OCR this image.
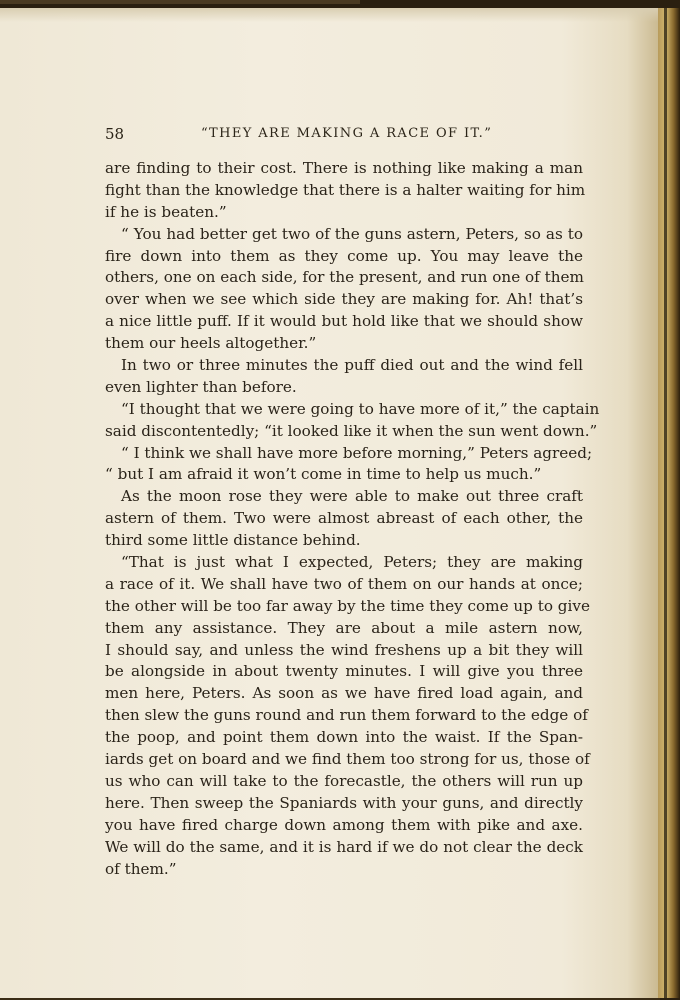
58	“THEY ARE MAKING A RACE OF IT.”
are finding to their cost. There is nothing like making a man
fight than the knowledge that there is a halter waiting for him
if he is beaten.”
“ You had better get two of the guns astern, Peters, so as to
fire down into them as they come up. You may leave the
others, one on each side, for the present, and run one of them
over when we see which side they are making for. Ah! that’s
a nice little puff. If it would but hold like that we should show
them our heels altogether.”
In two or three minutes the puff died out and the wind fell
even lighter than before.
“I thought that we were going to have more of it,” the captain
said discontentedly; “it looked like it when the sun went down.”
“ I think we shall have more before morning,” Peters agreed;
“ but I am afraid it won’t come in time to help us much.”
As the moon rose they were able to make out three craft
astern of them. Two were almost abreast of each other, the
third some little distance behind.
“That is just what I expected, Peters; they are making
a race of it. We shall have two of them on our hands at once;
the other will be too far away by the time they come up to give
them any assistance. They are about a mile astern now,
I should say, and unless the wind freshens up a bit they will
be alongside in about twenty minutes. I will give you three
men here, Peters. As soon as we have fired load again, and
then slew the guns round and run them forward to the edge of
the poop, and point them down into the waist. If the Span-
iards get on board and we find them too strong for us, those of
us who can will take to the forecastle, the others will run up
here. Then sweep the Spaniards with your guns, and directly
you have fired charge down among them with pike and axe.
We will do the same, and it is hard if we do not clear the deck
of them.”
